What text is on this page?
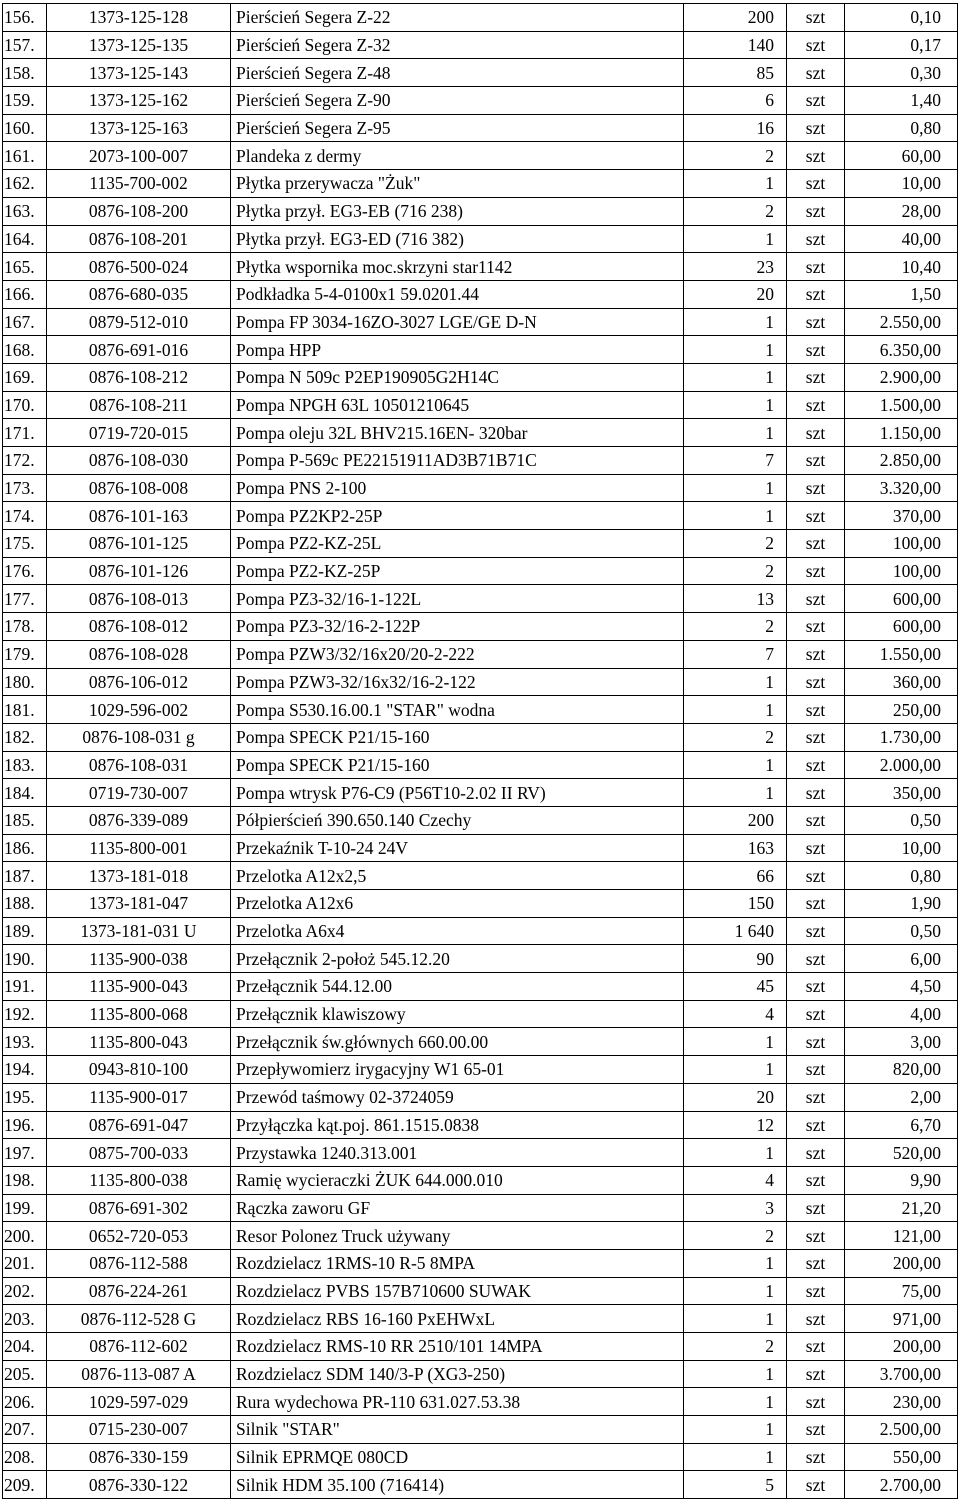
156.	1373-125-128	Pierścień Segera Z-22	200	szt	0,10
157.	1373-125-135	Pierścień Segera Z-32	140	szt	0,17
158.	1373-125-143	Pierścień Segera Z-48	85	szt	0,30
159.	1373-125-162	Pierścień Segera Z-90	6	szt	1,40
160.	1373-125-163	Pierścień Segera Z-95	16	szt	0,80
161.	2073-100-007	Plandeka z dermy	2	szt	60,00
162.	1135-700-002	Płytka przerywacza "Żuk"	1	szt	10,00
163.	0876-108-200	Płytka przył. EG3-EB (716 238)	2	szt	28,00
164.	0876-108-201	Płytka przył. EG3-ED (716 382)	1	szt	40,00
165.	0876-500-024	Płytka wspornika moc.skrzyni star1142	23	szt	10,40
166.	0876-680-035	Podkładka 5-4-0100x1 59.0201.44	20	szt	1,50
167.	0879-512-010	Pompa FP 3034-16ZO-3027 LGE/GE D-N	1	szt	2.550,00
168.	0876-691-016	Pompa HPP	1	szt	6.350,00
169.	0876-108-212	Pompa N 509c P2EP190905G2H14C	1	szt	2.900,00
170.	0876-108-211	Pompa NPGH 63L 10501210645	1	szt	1.500,00
171.	0719-720-015	Pompa oleju 32L BHV215.16EN- 320bar	1	szt	1.150,00
172.	0876-108-030	Pompa P-569c PE22151911AD3B71B71C	7	szt	2.850,00
173.	0876-108-008	Pompa PNS 2-100	1	szt	3.320,00
174.	0876-101-163	Pompa PZ2KP2-25P	1	szt	370,00
175.	0876-101-125	Pompa PZ2-KZ-25L	2	szt	100,00
176.	0876-101-126	Pompa PZ2-KZ-25P	2	szt	100,00
177.	0876-108-013	Pompa PZ3-32/16-1-122L	13	szt	600,00
178.	0876-108-012	Pompa PZ3-32/16-2-122P	2	szt	600,00
179.	0876-108-028	Pompa PZW3/32/16x20/20-2-222	7	szt	1.550,00
180.	0876-106-012	Pompa PZW3-32/16x32/16-2-122	1	szt	360,00
181.	1029-596-002	Pompa S530.16.00.1 "STAR" wodna	1	szt	250,00
182.	0876-108-031 g	Pompa SPECK P21/15-160	2	szt	1.730,00
183.	0876-108-031	Pompa SPECK P21/15-160	1	szt	2.000,00
184.	0719-730-007	Pompa wtrysk P76-C9 (P56T10-2.02 II RV)	1	szt	350,00
185.	0876-339-089	Półpierścień 390.650.140 Czechy	200	szt	0,50
186.	1135-800-001	Przekaźnik T-10-24 24V	163	szt	10,00
187.	1373-181-018	Przelotka A12x2,5	66	szt	0,80
188.	1373-181-047	Przelotka A12x6	150	szt	1,90
189.	1373-181-031 U	Przelotka A6x4	1 640	szt	0,50
190.	1135-900-038	Przełącznik 2-położ 545.12.20	90	szt	6,00
191.	1135-900-043	Przełącznik 544.12.00	45	szt	4,50
192.	1135-800-068	Przełącznik klawiszowy	4	szt	4,00
193.	1135-800-043	Przełącznik św.głównych 660.00.00	1	szt	3,00
194.	0943-810-100	Przepływomierz irygacyjny W1 65-01	1	szt	820,00
195.	1135-900-017	Przewód taśmowy 02-3724059	20	szt	2,00
196.	0876-691-047	Przyłączka kąt.poj. 861.1515.0838	12	szt	6,70
197.	0875-700-033	Przystawka 1240.313.001	1	szt	520,00
198.	1135-800-038	Ramię wycieraczki ŻUK 644.000.010	4	szt	9,90
199.	0876-691-302	Rączka zaworu GF	3	szt	21,20
200.	0652-720-053	Resor Polonez Truck używany	2	szt	121,00
201.	0876-112-588	Rozdzielacz 1RMS-10 R-5 8MPA	1	szt	200,00
202.	0876-224-261	Rozdzielacz PVBS 157B710600 SUWAK	1	szt	75,00
203.	0876-112-528 G	Rozdzielacz RBS 16-160 PxEHWxL	1	szt	971,00
204.	0876-112-602	Rozdzielacz RMS-10 RR 2510/101 14MPA	2	szt	200,00
205.	0876-113-087 A	Rozdzielacz SDM 140/3-P (XG3-250)	1	szt	3.700,00
206.	1029-597-029	Rura wydechowa PR-110 631.027.53.38	1	szt	230,00
207.	0715-230-007	Silnik "STAR"	1	szt	2.500,00
208.	0876-330-159	Silnik EPRMQE 080CD	1	szt	550,00
209.	0876-330-122	Silnik HDM 35.100 (716414)	5	szt	2.700,00
